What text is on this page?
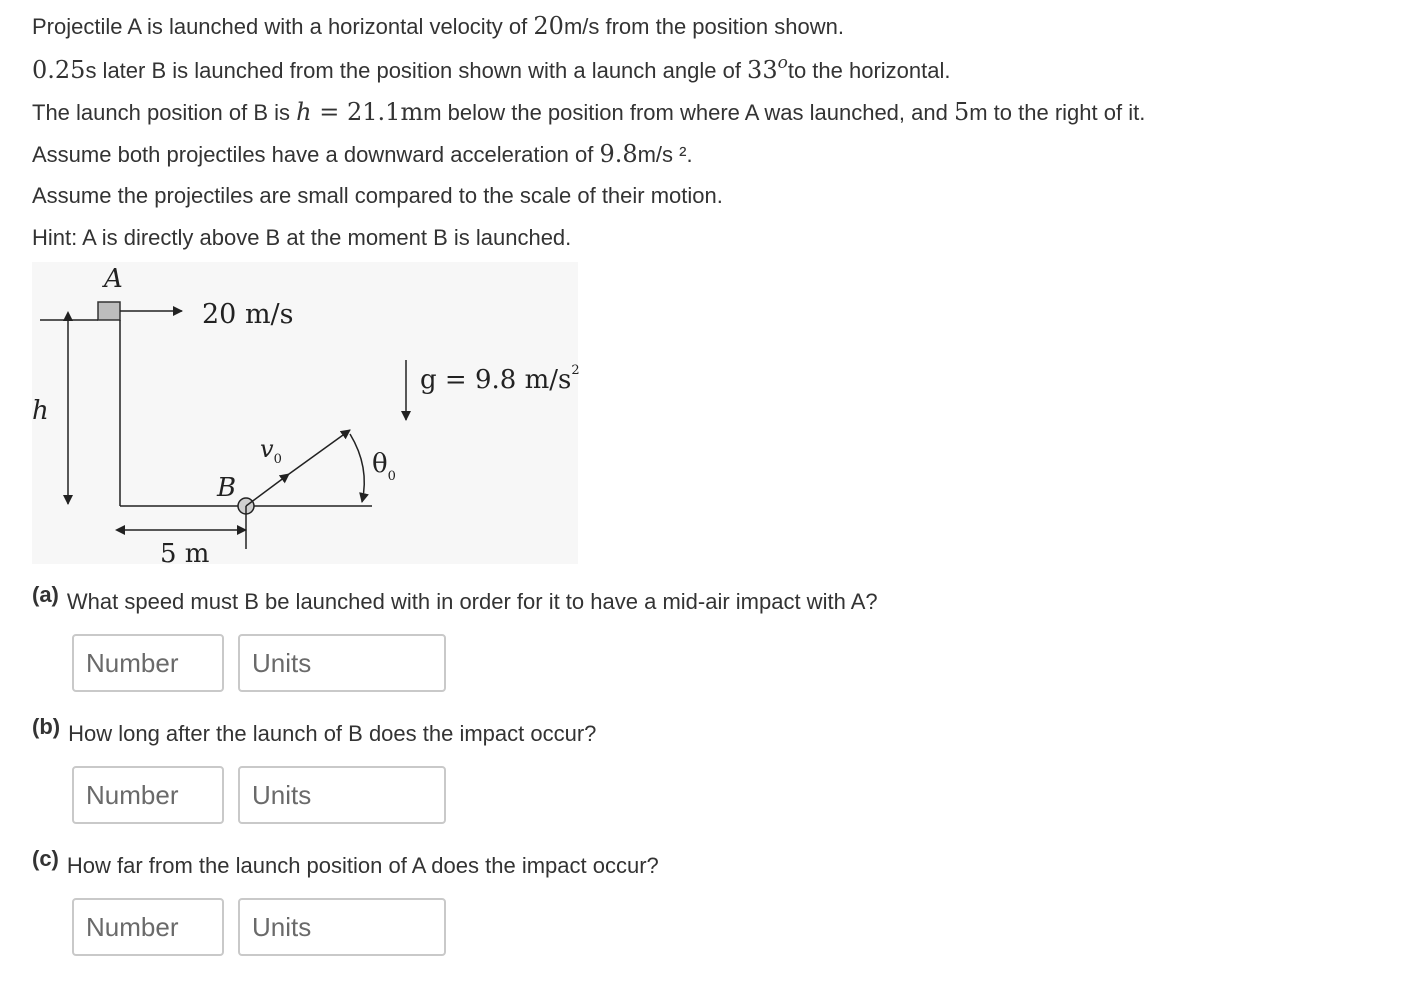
Projectile A is launched with a horizontal velocity of 20m/s from the position shown.
0.25s later B is launched from the position shown with a launch angle of 33$^o$to the horizontal.
The launch position of B is h = 21.1mm below the position from where A was launched, and 5m to the right of it.
Assume both projectiles have a downward acceleration of 9.8m/s ².
Assume the projectiles are small compared to the scale of their motion.
Hint: A is directly above B at the moment B is launched.
A
20 m/s
h
B
$v_0$	$\theta_0$
g = 9.8 $m/s^2$
5 m
(a) What speed must B be launched with in order for it to have a mid-air impact with A?
Number
Units
(b) How long after the launch of B does the impact occur?
Number
Units
(c) How far from the launch position of A does the impact occur?
Number
Units
